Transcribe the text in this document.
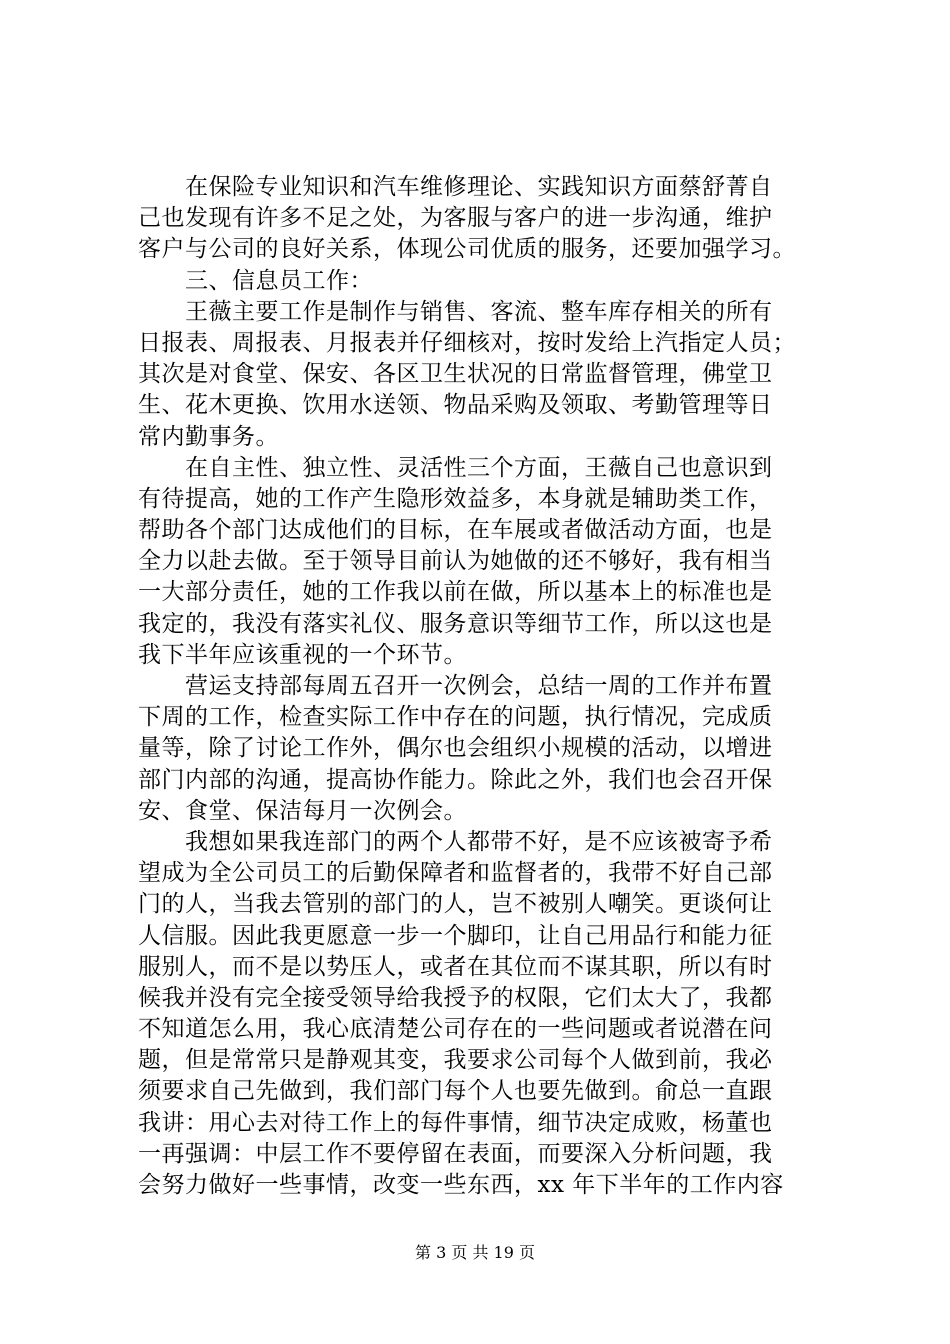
在保险专业知识和汽车维修理论、实践知识方面蔡舒菁自
己也发现有许多不足之处，为客服与客户的进一步沟通，维护
客户与公司的良好关系，体现公司优质的服务，还要加强学习。
三、信息员工作：
王薇主要工作是制作与销售、客流、整车库存相关的所有
日报表、周报表、月报表并仔细核对，按时发给上汽指定人员；
其次是对食堂、保安、各区卫生状况的日常监督管理，佛堂卫
生、花木更换、饮用水送领、物品采购及领取、考勤管理等日
常内勤事务。
在自主性、独立性、灵活性三个方面，王薇自己也意识到
有待提高，她的工作产生隐形效益多，本身就是辅助类工作，
帮助各个部门达成他们的目标，在车展或者做活动方面，也是
全力以赴去做。至于领导目前认为她做的还不够好，我有相当
一大部分责任，她的工作我以前在做，所以基本上的标准也是
我定的，我没有落实礼仪、服务意识等细节工作，所以这也是
我下半年应该重视的一个环节。
营运支持部每周五召开一次例会，总结一周的工作并布置
下周的工作，检查实际工作中存在的问题，执行情况，完成质
量等，除了讨论工作外，偶尔也会组织小规模的活动，以增进
部门内部的沟通，提高协作能力。除此之外，我们也会召开保
安、食堂、保洁每月一次例会。
我想如果我连部门的两个人都带不好，是不应该被寄予希
望成为全公司员工的后勤保障者和监督者的，我带不好自己部
门的人，当我去管别的部门的人，岂不被别人嘲笑。更谈何让
人信服。因此我更愿意一步一个脚印，让自己用品行和能力征
服别人，而不是以势压人，或者在其位而不谋其职，所以有时
候我并没有完全接受领导给我授予的权限，它们太大了，我都
不知道怎么用，我心底清楚公司存在的一些问题或者说潜在问
题，但是常常只是静观其变，我要求公司每个人做到前，我必
须要求自己先做到，我们部门每个人也要先做到。俞总一直跟
我讲：用心去对待工作上的每件事情，细节决定成败，杨董也
一再强调：中层工作不要停留在表面，而要深入分析问题，我
会努力做好一些事情，改变一些东西，xx 年下半年的工作内容
第 3 页 共 19 页
